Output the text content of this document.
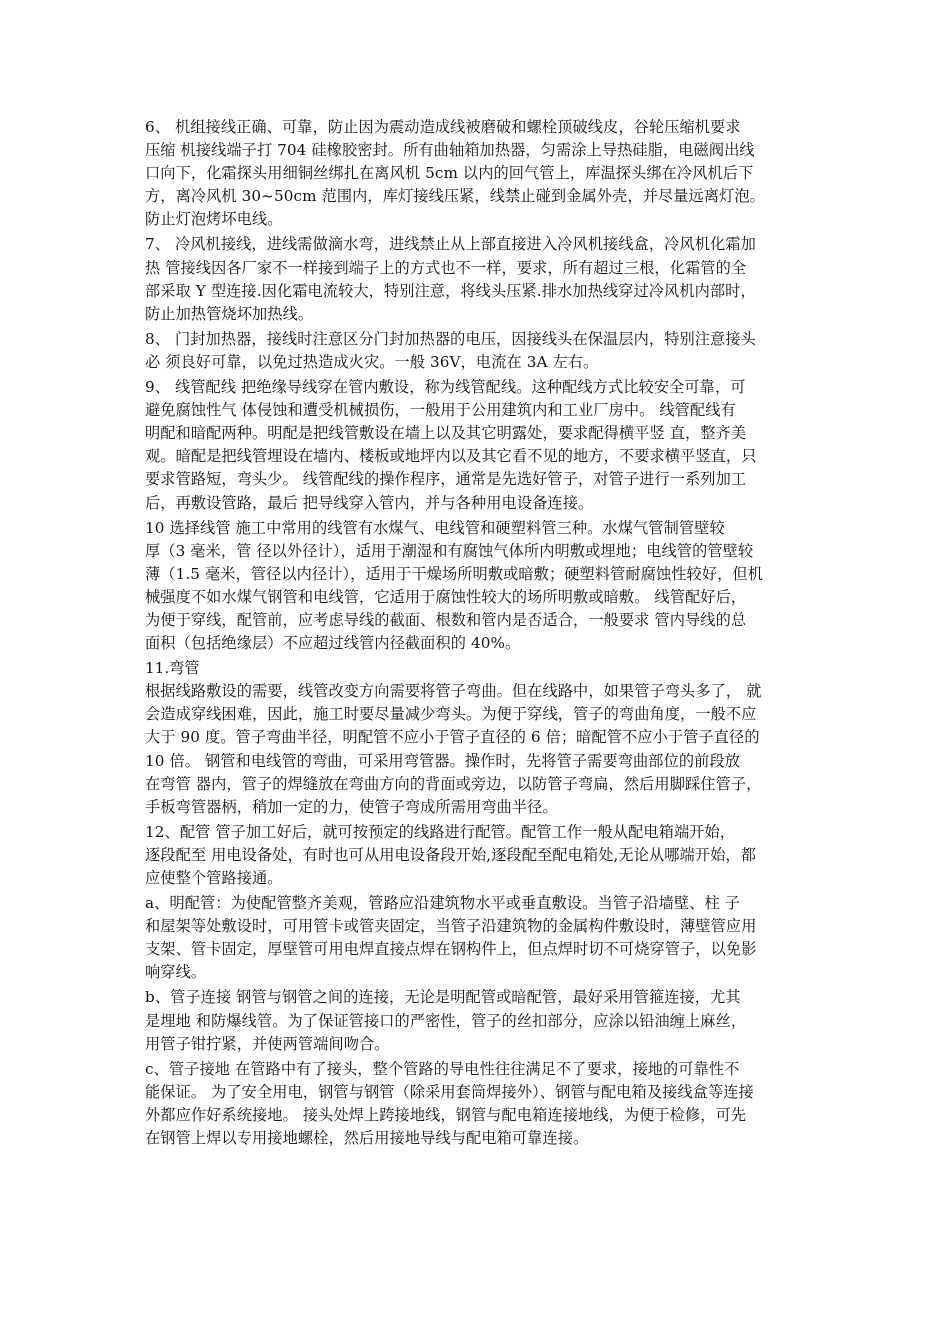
6、 机组接线正确、可靠，防止因为震动造成线被磨破和螺栓顶破线皮，谷轮压缩机要求
压缩 机接线端子打 704 硅橡胶密封。所有曲轴箱加热器，匀需涂上导热硅脂，电磁阀出线
口向下，化霜探头用细铜丝绑扎在离风机 5cm 以内的回气管上，库温探头绑在冷风机后下
方，离冷风机 30~50cm 范围内，库灯接线压紧，线禁止碰到金属外壳，并尽量远离灯泡。
防止灯泡烤坏电线。
7、 冷风机接线，进线需做滴水弯，进线禁止从上部直接进入冷风机接线盒，冷风机化霜加
热 管接线因各厂家不一样接到端子上的方式也不一样，要求，所有超过三根，化霜管的全
部采取 Y 型连接.因化霜电流较大，特别注意，将线头压紧.排水加热线穿过冷风机内部时，
防止加热管烧坏加热线。
8、 门封加热器，接线时注意区分门封加热器的电压，因接线头在保温层内，特别注意接头
必 须良好可靠，以免过热造成火灾。一般 36V，电流在 3A 左右。
9、 线管配线 把绝缘导线穿在管内敷设，称为线管配线。这种配线方式比较安全可靠，可
避免腐蚀性气 体侵蚀和遭受机械损伤，一般用于公用建筑内和工业厂房中。 线管配线有
明配和暗配两种。明配是把线管敷设在墙上以及其它明露处，要求配得横平竖 直，整齐美
观。暗配是把线管埋设在墙内、楼板或地坪内以及其它看不见的地方，不要求横平竖直，只
要求管路短，弯头少。 线管配线的操作程序，通常是先选好管子，对管子进行一系列加工
后，再敷设管路，最后 把导线穿入管内，并与各种用电设备连接。
10 选择线管 施工中常用的线管有水煤气、电线管和硬塑料管三种。水煤气管制管壁较
厚（3 毫米，管 径以外径计），适用于潮湿和有腐蚀气体所内明敷或埋地；电线管的管壁较
薄（1.5 毫米，管径以内径计），适用于干燥场所明敷或暗敷；硬塑料管耐腐蚀性较好，但机
械强度不如水煤气钢管和电线管，它适用于腐蚀性较大的场所明敷或暗敷。 线管配好后，
为便于穿线，配管前，应考虑导线的截面、根数和管内是否适合，一般要求 管内导线的总
面积（包括绝缘层）不应超过线管内径截面积的 40%。
11.弯管
根据线路敷设的需要，线管改变方向需要将管子弯曲。但在线路中，如果管子弯头多了， 就
会造成穿线困难，因此，施工时要尽量减少弯头。为便于穿线，管子的弯曲角度，一般不应
大于 90 度。管子弯曲半径，明配管不应小于管子直径的 6 倍；暗配管不应小于管子直径的
10 倍。 钢管和电线管的弯曲，可采用弯管器。操作时，先将管子需要弯曲部位的前段放
在弯管 器内，管子的焊缝放在弯曲方向的背面或旁边，以防管子弯扁，然后用脚踩住管子，
手板弯管器柄，稍加一定的力，使管子弯成所需用弯曲半径。
12、配管 管子加工好后，就可按预定的线路进行配管。配管工作一般从配电箱端开始，
逐段配至 用电设备处，有时也可从用电设备段开始,逐段配至配电箱处,无论从哪端开始，都
应使整个管路接通。
a、明配管：为使配管整齐美观，管路应沿建筑物水平或垂直敷设。当管子沿墙壁、柱 子
和屋架等处敷设时，可用管卡或管夹固定，当管子沿建筑物的金属构件敷设时，薄壁管应用
支架、管卡固定，厚壁管可用电焊直接点焊在钢构件上，但点焊时切不可烧穿管子，以免影
响穿线。
b、管子连接 钢管与钢管之间的连接，无论是明配管或暗配管，最好采用管箍连接，尤其
是埋地 和防爆线管。为了保证管接口的严密性，管子的丝扣部分，应涂以铅油缠上麻丝，
用管子钳拧紧，并使两管端间吻合。
c、管子接地 在管路中有了接头，整个管路的导电性往往满足不了要求，接地的可靠性不
能保证。 为了安全用电，钢管与钢管（除采用套筒焊接外）、钢管与配电箱及接线盒等连接
外都应作好系统接地。 接头处焊上跨接地线，钢管与配电箱连接地线，为便于检修，可先
在钢管上焊以专用接地螺栓，然后用接地导线与配电箱可靠连接。
